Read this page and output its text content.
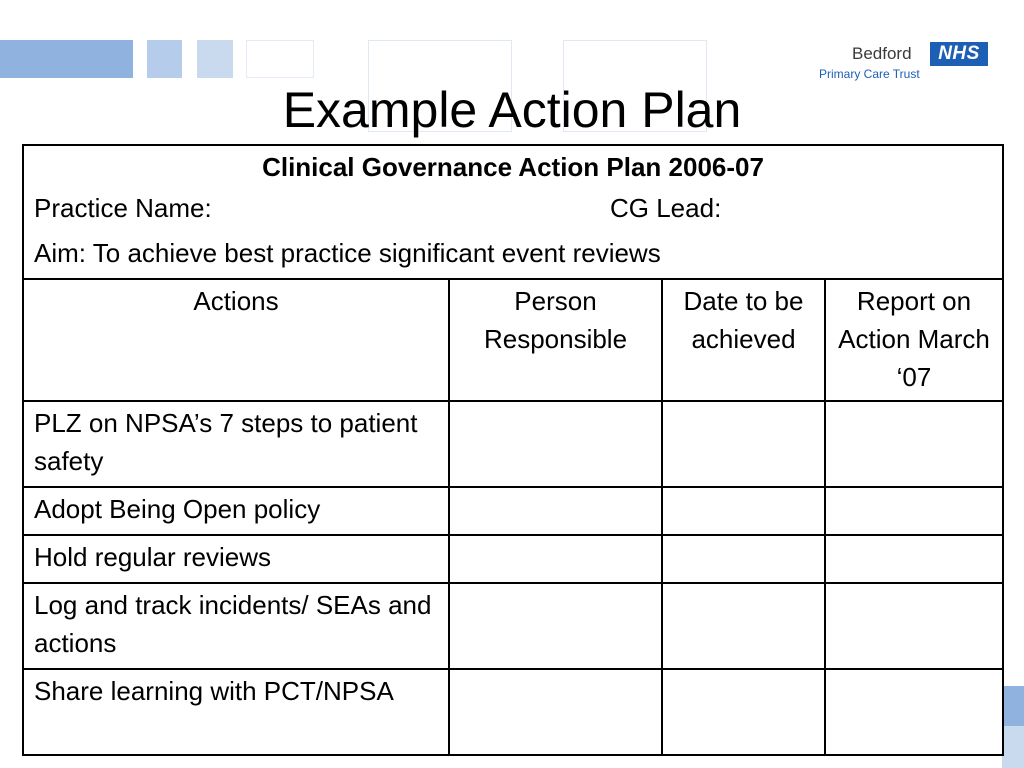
Bedford	NHS
Primary Care Trust
Example Action Plan
Clinical Governance Action Plan 2006-07
Practice Name: CG Lead:
Aim: To achieve best practice significant event reviews			

Actions	Person Responsible	Date to be achieved	Report on Action March ‘07
PLZ on NPSA’s 7 steps to patient safety			
Adopt Being Open policy			
Hold regular reviews			
Log and track incidents/ SEAs and actions			
Share learning with PCT/NPSA			
